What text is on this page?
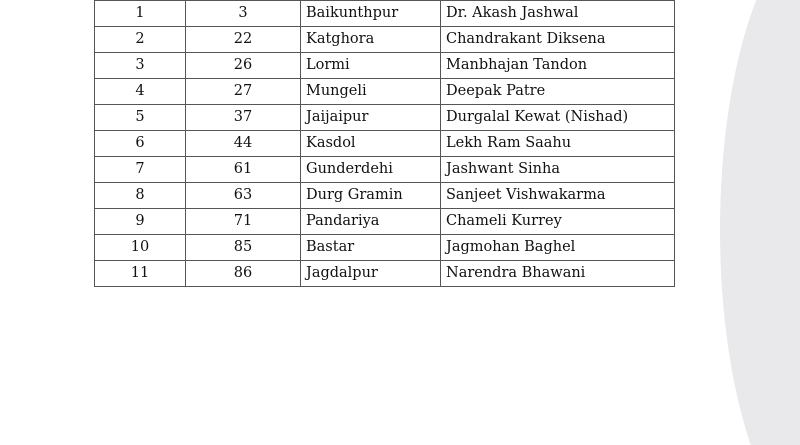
1	3	Baikunthpur	Dr. Akash Jashwal
2	22	Katghora	Chandrakant Diksena
3	26	Lormi	Manbhajan Tandon
4	27	Mungeli	Deepak Patre
5	37	Jaijaipur	Durgalal Kewat (Nishad)
6	44	Kasdol	Lekh Ram Saahu
7	61	Gunderdehi	Jashwant Sinha
8	63	Durg Gramin	Sanjeet Vishwakarma
9	71	Pandariya	Chameli Kurrey
10	85	Bastar	Jagmohan Baghel
11	86	Jagdalpur	Narendra Bhawani
